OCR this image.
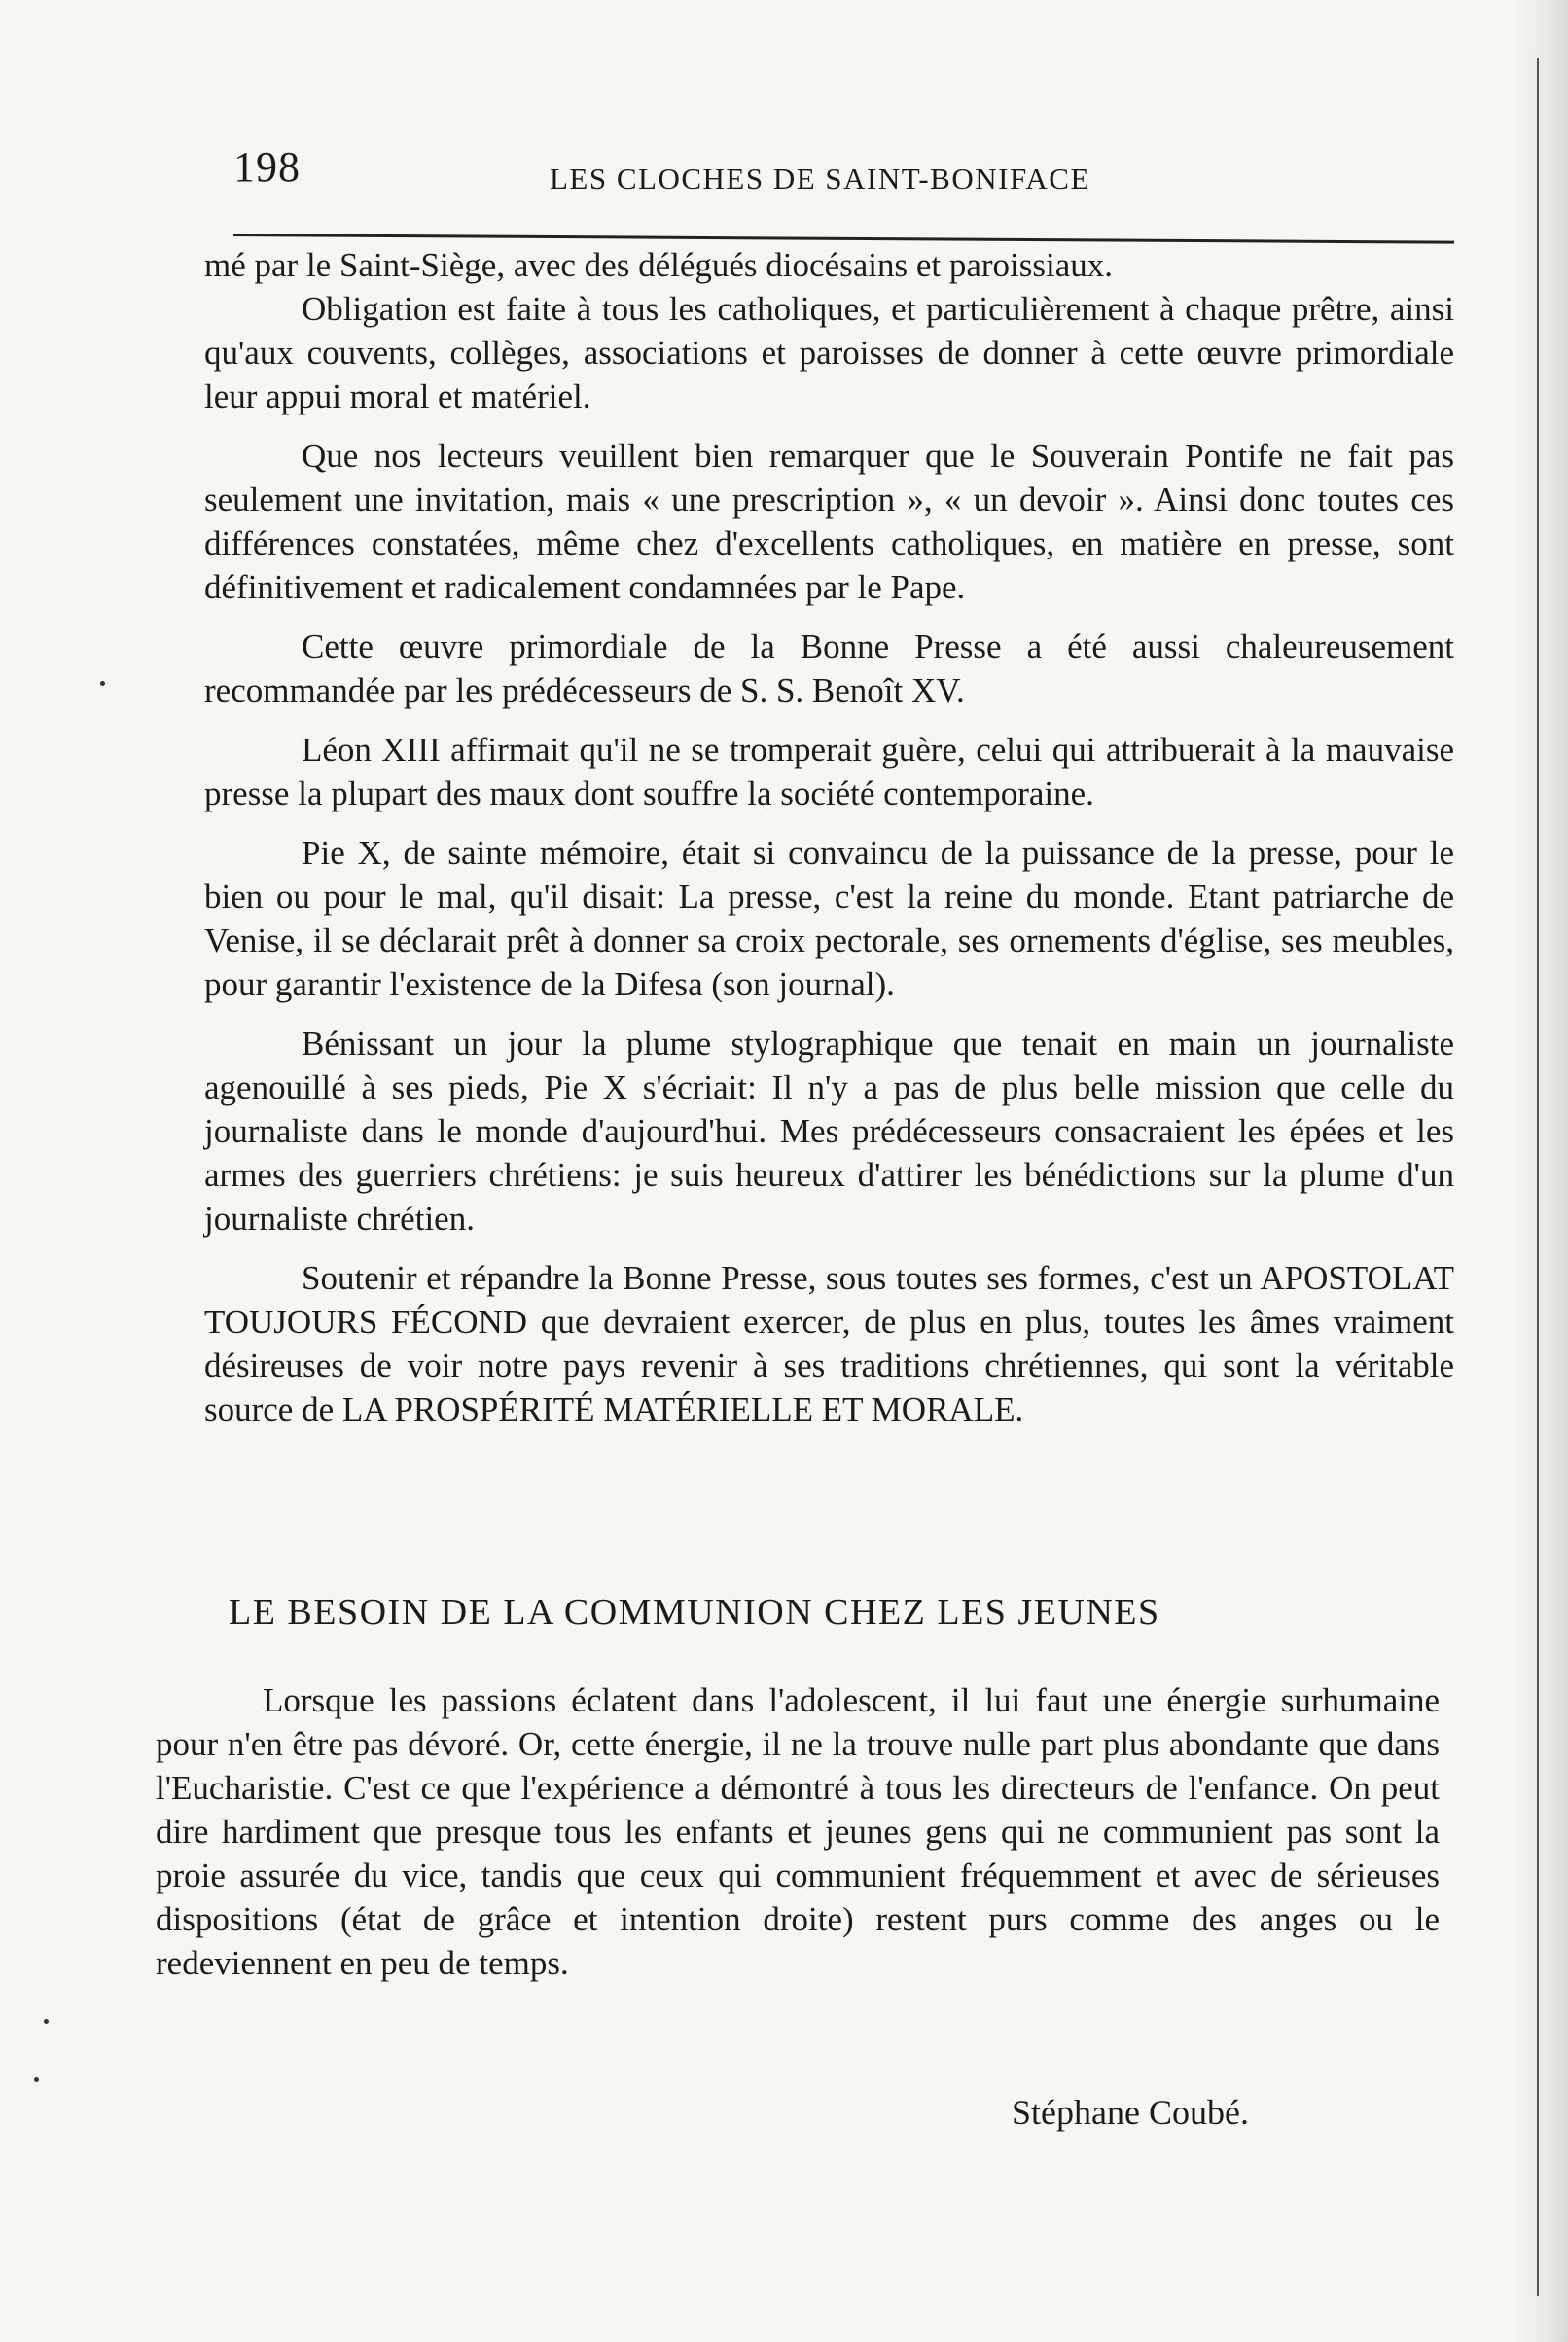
198	LES CLOCHES DE SAINT-BONIFACE

mé par le Saint-Siège, avec des délégués diocésains et paroissiaux.

Obligation est faite à tous les catholiques, et particulièrement à chaque prêtre, ainsi qu'aux couvents, collèges, associations et paroisses de donner à cette œuvre primordiale leur appui moral et matériel.

Que nos lecteurs veuillent bien remarquer que le Souverain Pontife ne fait pas seulement une invitation, mais « une prescription », « un devoir ». Ainsi donc toutes ces différences constatées, même chez d'excellents catholiques, en matière en presse, sont définitivement et radicalement condamnées par le Pape.

Cette œuvre primordiale de la Bonne Presse a été aussi chaleureusement recommandée par les prédécesseurs de S. S. Benoît XV.

Léon XIII affirmait qu'il ne se tromperait guère, celui qui attribuerait à la mauvaise presse la plupart des maux dont souffre la société contemporaine.

Pie X, de sainte mémoire, était si convaincu de la puissance de la presse, pour le bien ou pour le mal, qu'il disait: La presse, c'est la reine du monde. Etant patriarche de Venise, il se déclarait prêt à donner sa croix pectorale, ses ornements d'église, ses meubles, pour garantir l'existence de la Difesa (son journal).

Bénissant un jour la plume stylographique que tenait en main un journaliste agenouillé à ses pieds, Pie X s'écriait: Il n'y a pas de plus belle mission que celle du journaliste dans le monde d'aujourd'hui. Mes prédécesseurs consacraient les épées et les armes des guerriers chrétiens: je suis heureux d'attirer les bénédictions sur la plume d'un journaliste chrétien.

Soutenir et répandre la Bonne Presse, sous toutes ses formes, c'est un APOSTOLAT TOUJOURS FÉCOND que devraient exercer, de plus en plus, toutes les âmes vraiment désireuses de voir notre pays revenir à ses traditions chrétiennes, qui sont la véritable source de LA PROSPÉRITÉ MATÉRIELLE ET MORALE.

LE BESOIN DE LA COMMUNION CHEZ LES JEUNES

Lorsque les passions éclatent dans l'adolescent, il lui faut une énergie surhumaine pour n'en être pas dévoré. Or, cette énergie, il ne la trouve nulle part plus abondante que dans l'Eucharistie. C'est ce que l'expérience a démontré à tous les directeurs de l'enfance. On peut dire hardiment que presque tous les enfants et jeunes gens qui ne communient pas sont la proie assurée du vice, tandis que ceux qui communient fréquemment et avec de sérieuses dispositions (état de grâce et intention droite) restent purs comme des anges ou le redeviennent en peu de temps.

Stéphane Coubé.
